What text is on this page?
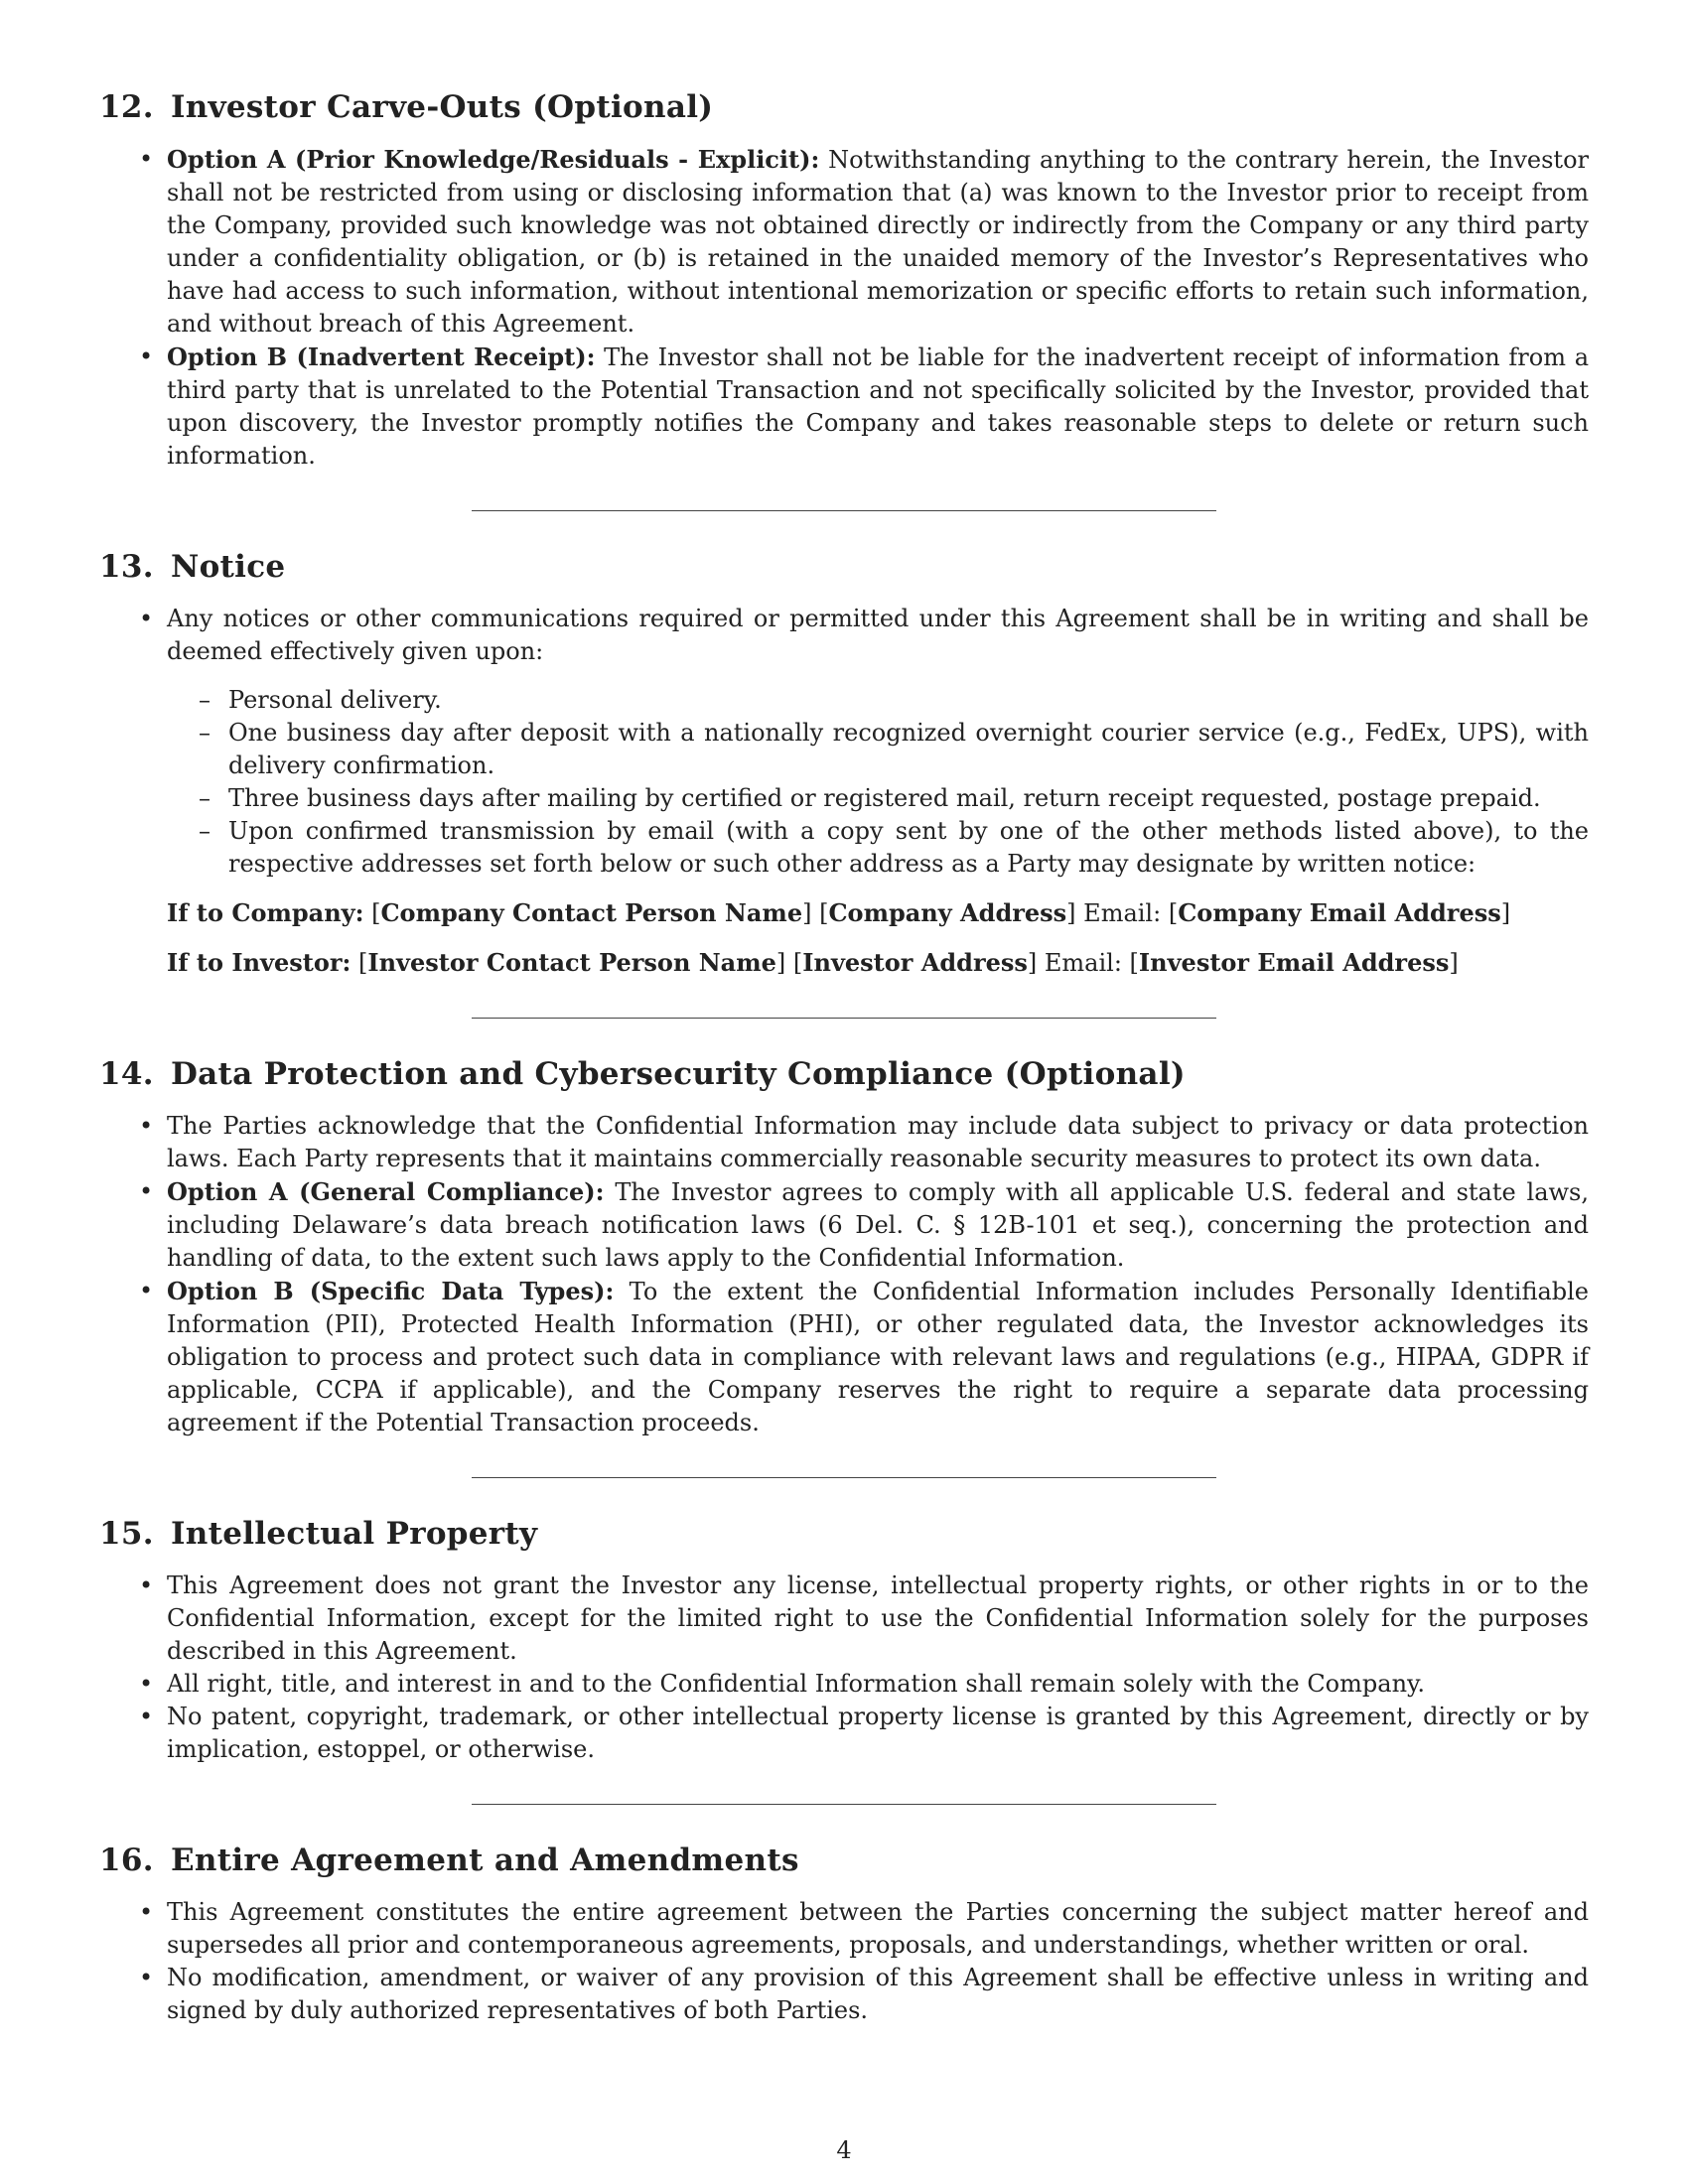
12. Investor Carve-Outs (Optional)
• Option A (Prior Knowledge/Residuals - Explicit): Notwithstanding anything to the contrary herein, the Investor shall not be restricted from using or disclosing information that (a) was known to the Investor prior to receipt from the Company, provided such knowledge was not obtained directly or indirectly from the Company or any third party under a confidentiality obligation, or (b) is retained in the unaided memory of the Investor’s Representatives who have had access to such information, without intentional memorization or specific efforts to retain such information, and without breach of this Agreement.
• Option B (Inadvertent Receipt): The Investor shall not be liable for the inadvertent receipt of information from a third party that is unrelated to the Potential Transaction and not specifically solicited by the Investor, provided that upon discovery, the Investor promptly notifies the Company and takes reasonable steps to delete or return such information.
13. Notice
• Any notices or other communications required or permitted under this Agreement shall be in writing and shall be deemed effectively given upon:
– Personal delivery.
– One business day after deposit with a nationally recognized overnight courier service (e.g., FedEx, UPS), with delivery confirmation.
– Three business days after mailing by certified or registered mail, return receipt requested, postage prepaid.
– Upon confirmed transmission by email (with a copy sent by one of the other methods listed above), to the respective addresses set forth below or such other address as a Party may designate by written notice:
If to Company: [Company Contact Person Name] [Company Address] Email: [Company Email Address]
If to Investor: [Investor Contact Person Name] [Investor Address] Email: [Investor Email Address]
14. Data Protection and Cybersecurity Compliance (Optional)
• The Parties acknowledge that the Confidential Information may include data subject to privacy or data protection laws. Each Party represents that it maintains commercially reasonable security measures to protect its own data.
• Option A (General Compliance): The Investor agrees to comply with all applicable U.S. federal and state laws, including Delaware’s data breach notification laws (6 Del. C. § 12B-101 et seq.), concerning the protection and handling of data, to the extent such laws apply to the Confidential Information.
• Option B (Specific Data Types): To the extent the Confidential Information includes Personally Identifiable Information (PII), Protected Health Information (PHI), or other regulated data, the Investor acknowledges its obligation to process and protect such data in compliance with relevant laws and regulations (e.g., HIPAA, GDPR if applicable, CCPA if applicable), and the Company reserves the right to require a separate data processing agreement if the Potential Transaction proceeds.
15. Intellectual Property
• This Agreement does not grant the Investor any license, intellectual property rights, or other rights in or to the Confidential Information, except for the limited right to use the Confidential Information solely for the purposes described in this Agreement.
• All right, title, and interest in and to the Confidential Information shall remain solely with the Company.
• No patent, copyright, trademark, or other intellectual property license is granted by this Agreement, directly or by implication, estoppel, or otherwise.
16. Entire Agreement and Amendments
• This Agreement constitutes the entire agreement between the Parties concerning the subject matter hereof and supersedes all prior and contemporaneous agreements, proposals, and understandings, whether written or oral.
• No modification, amendment, or waiver of any provision of this Agreement shall be effective unless in writing and signed by duly authorized representatives of both Parties.
4
